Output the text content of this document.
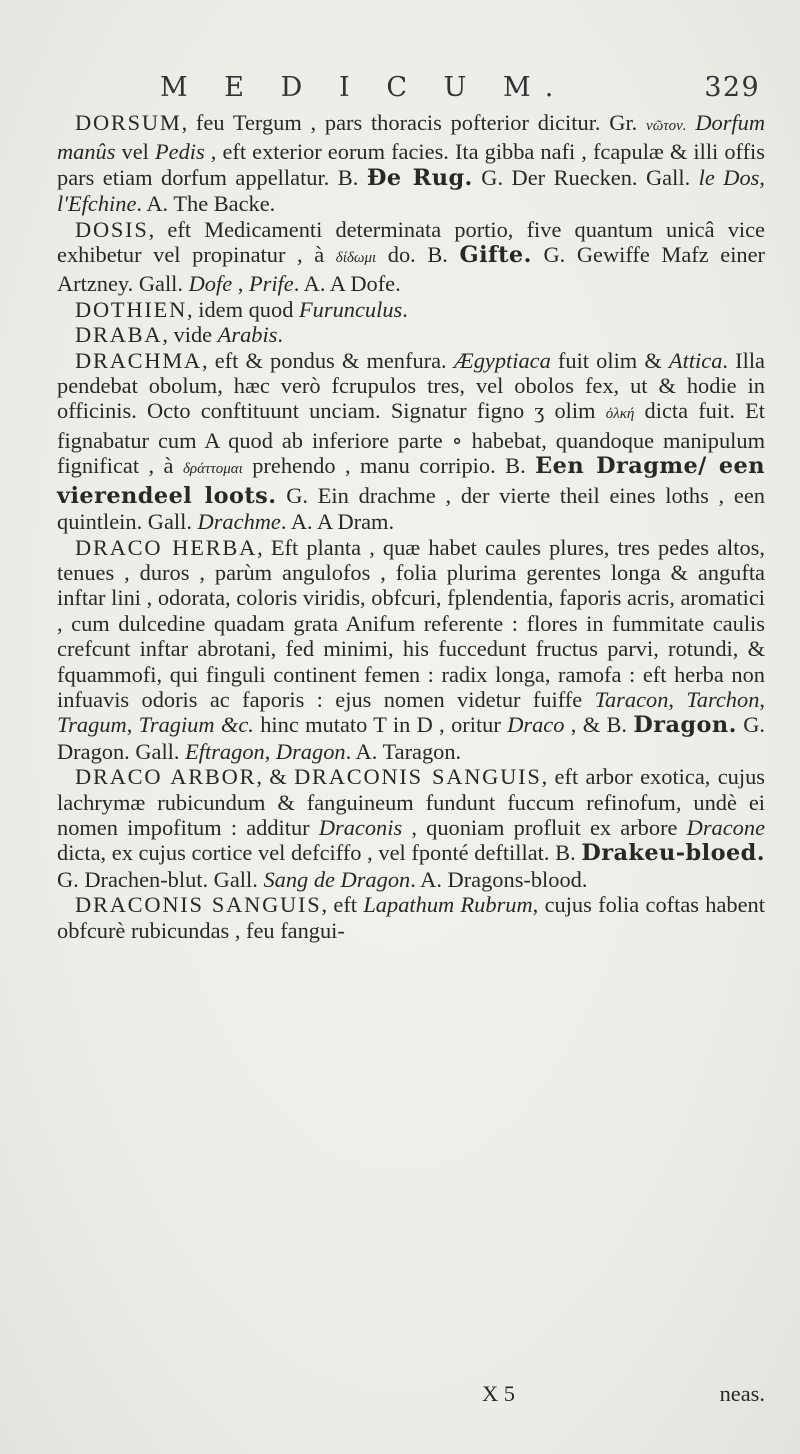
M E D I C U M.	329

DORSUM, feu Tergum , pars thoracis pofterior dicitur. Gr. νῶτον. Dorfum manûs vel Pedis , eft exterior eorum facies. Ita gibba nafi , fcapulæ & illi offis pars etiam dorfum appellatur. B. Ðe Rug. G. Der Ruecken. Gall. le Dos, l'Efchine. A. The Backe.

DOSIS, eft Medicamenti determinata portio, five quantum unicâ vice exhibetur vel propinatur , à δίδωμι do. B. Gifte. G. Gewiffe Mafz einer Artzney. Gall. Dofe , Prife. A. A Dofe.

DOTHIEN, idem quod Furunculus.

DRABA, vide Arabis.

DRACHMA, eft & pondus & menfura. Ægyptiaca fuit olim & Attica. Illa pendebat obolum, hæc verò fcrupulos tres, vel obolos fex, ut & hodie in officinis. Octo conftituunt unciam. Signatur figno ʒ olim ὀλκή dicta fuit. Et fignabatur cum A quod ab inferiore parte ∘ habebat, quandoque manipulum fignificat , à δράττομαι prehendo , manu corripio. B. Een Dragme/ een vierendeel loots. G. Ein drachme , der vierte theil eines loths , een quintlein. Gall. Drachme. A. A Dram.

DRACO HERBA, Eft planta , quæ habet caules plures, tres pedes altos, tenues , duros , parùm angulofos , folia plurima gerentes longa & angufta inftar lini , odorata, coloris viridis, obfcuri, fplendentia, faporis acris, aromatici , cum dulcedine quadam grata Anifum referente : flores in fummitate caulis crefcunt inftar abrotani, fed minimi, his fuccedunt fructus parvi, rotundi, & fquammofi, qui finguli continent femen : radix longa, ramofa : eft herba non infuavis odoris ac faporis : ejus nomen videtur fuiffe Taracon, Tarchon, Tragum, Tragium &c. hinc mutato T in D , oritur Draco , & B. Dragon. G. Dragon. Gall. Eftragon, Dragon. A. Taragon.

DRACO ARBOR, & DRACONIS SANGUIS, eft arbor exotica, cujus lachrymæ rubicundum & fanguineum fundunt fuccum refinofum, undè ei nomen impofitum : additur Draconis , quoniam profluit ex arbore Dracone dicta, ex cujus cortice vel defciffo , vel fponté deftillat. B. Drakeu-bloed. G. Drachen-blut. Gall. Sang de Dragon. A. Dragons-blood.

DRACONIS SANGUIS, eft Lapathum Rubrum, cujus folia coftas habent obfcurè rubicundas , feu fangui-

X 5	neas.
